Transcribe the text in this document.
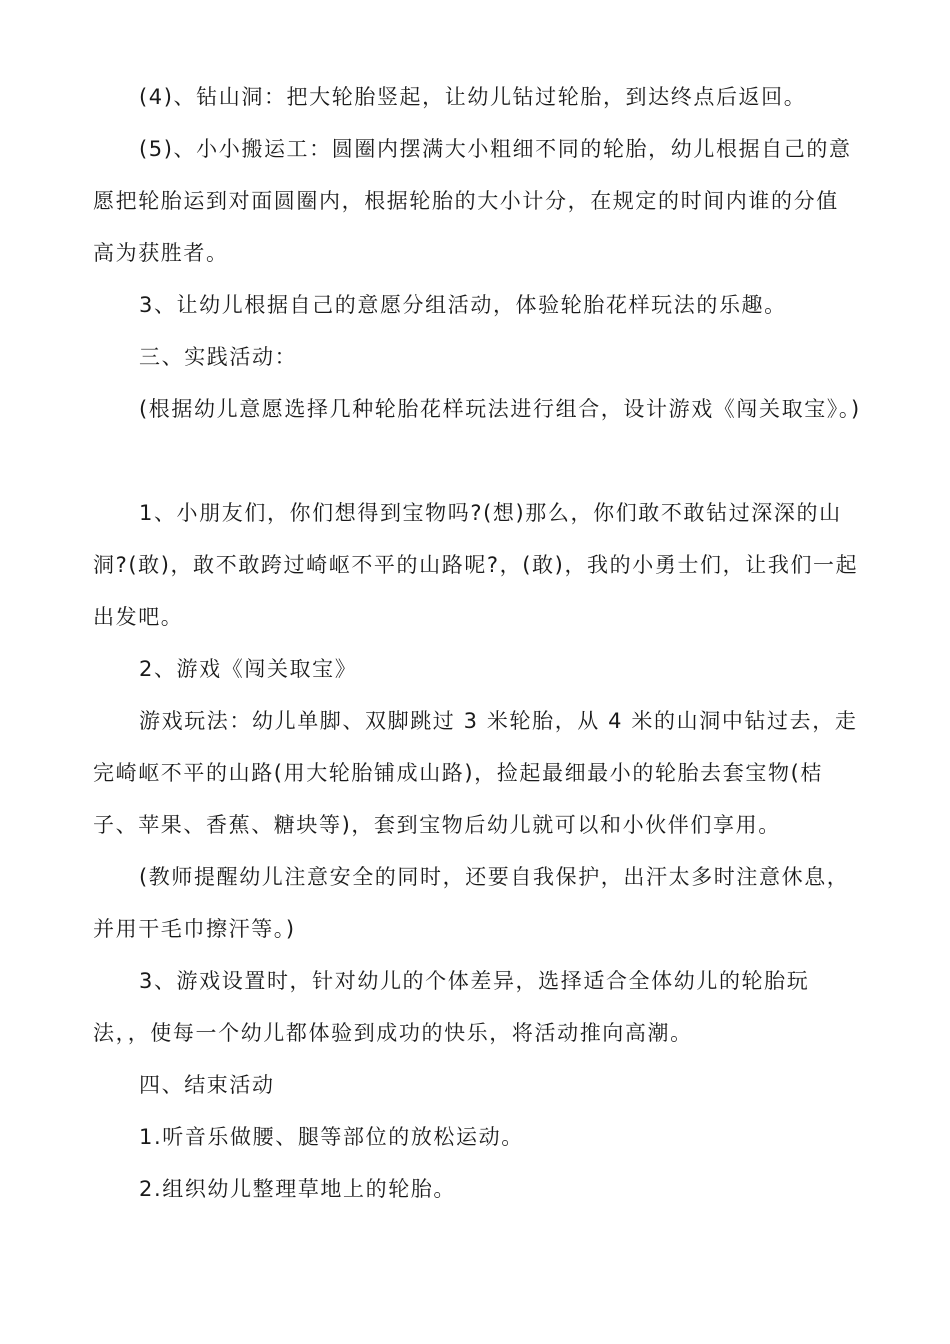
(4)、钻山洞：把大轮胎竖起，让幼儿钻过轮胎，到达终点后返回。

(5)、小小搬运工：圆圈内摆满大小粗细不同的轮胎，幼儿根据自己的意愿把轮胎运到对面圆圈内，根据轮胎的大小计分，在规定的时间内谁的分值高为获胜者。

3、让幼儿根据自己的意愿分组活动，体验轮胎花样玩法的乐趣。

三、实践活动：

(根据幼儿意愿选择几种轮胎花样玩法进行组合，设计游戏《闯关取宝》。)

1、小朋友们，你们想得到宝物吗?(想)那么，你们敢不敢钻过深深的山洞?(敢)，敢不敢跨过崎岖不平的山路呢?，(敢)，我的小勇士们，让我们一起出发吧。

2、游戏《闯关取宝》

游戏玩法：幼儿单脚、双脚跳过 3 米轮胎，从 4 米的山洞中钻过去，走完崎岖不平的山路(用大轮胎铺成山路)，捡起最细最小的轮胎去套宝物(桔子、苹果、香蕉、糖块等)，套到宝物后幼儿就可以和小伙伴们享用。

(教师提醒幼儿注意安全的同时，还要自我保护，出汗太多时注意休息，并用干毛巾擦汗等。)

3、游戏设置时，针对幼儿的个体差异，选择适合全体幼儿的轮胎玩法，，使每一个幼儿都体验到成功的快乐，将活动推向高潮。

四、结束活动

1.听音乐做腰、腿等部位的放松运动。

2.组织幼儿整理草地上的轮胎。
